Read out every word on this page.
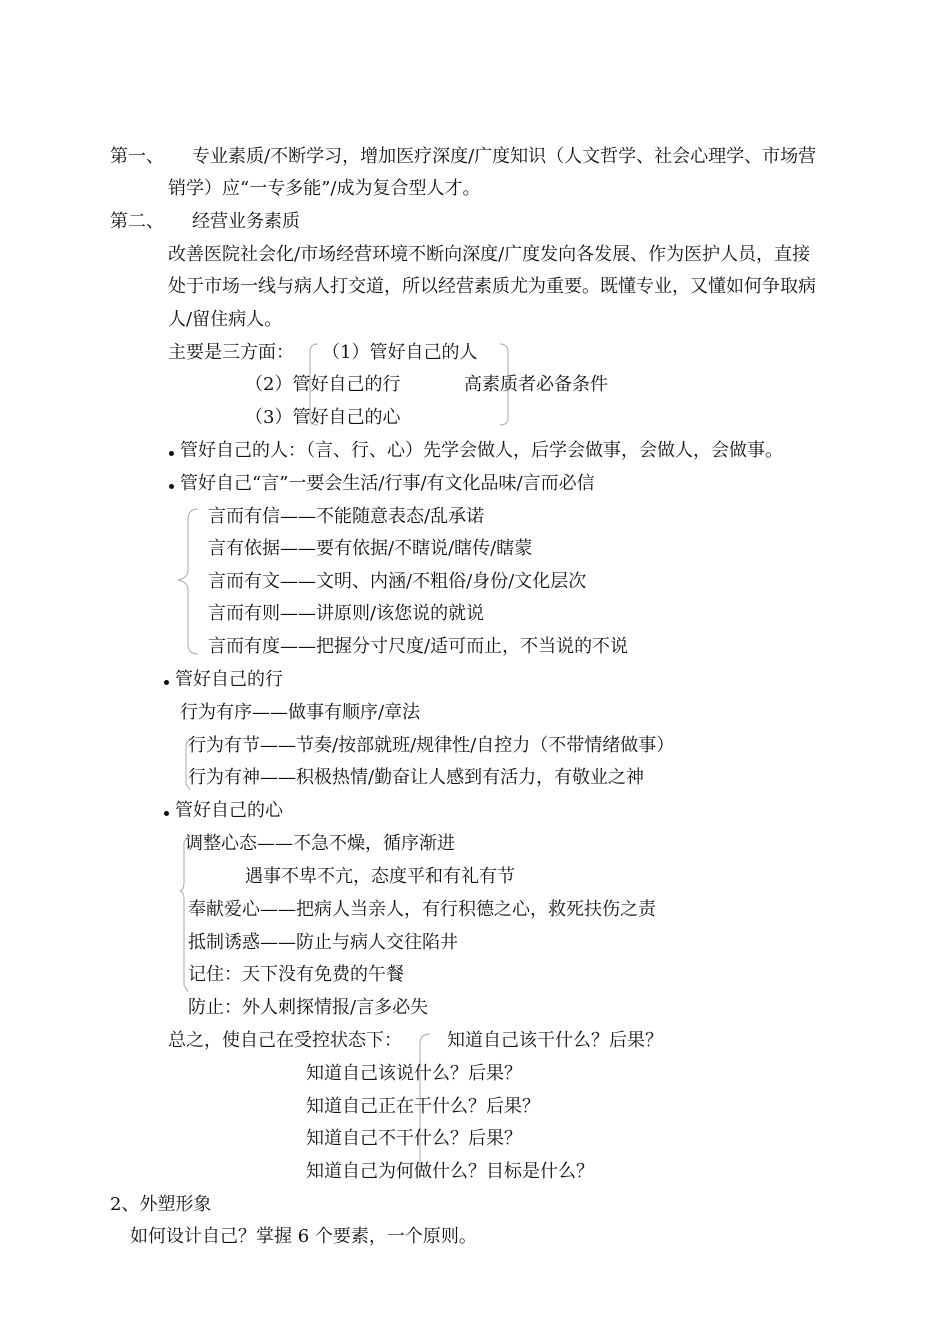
第一、 专业素质/不断学习，增加医疗深度/广度知识（人文哲学、社会心理学、市场营
销学）应“一专多能”/成为复合型人才。
第二、 经营业务素质
改善医院社会化/市场经营环境不断向深度/广度发向各发展、作为医护人员，直接
处于市场一线与病人打交道，所以经营素质尤为重要。既懂专业，又懂如何争取病
人/留住病人。
主要是三方面： （1）管好自己的人
（2）管好自己的行	高素质者必备条件
（3）管好自己的心
管好自己的人：（言、行、心）先学会做人，后学会做事，会做人，会做事。
管好自己“言”一要会生活/行事/有文化品味/言而必信
言而有信——不能随意表态/乱承诺
言有依据——要有依据/不瞎说/瞎传/瞎蒙
言而有文——文明、内涵/不粗俗/身份/文化层次
言而有则——讲原则/该您说的就说
言而有度——把握分寸尺度/适可而止，不当说的不说
管好自己的行
行为有序——做事有顺序/章法
行为有节——节奏/按部就班/规律性/自控力（不带情绪做事）
行为有神——积极热情/勤奋让人感到有活力，有敬业之神
管好自己的心
调整心态——不急不燥，循序渐进
遇事不卑不亢，态度平和有礼有节
奉献爱心——把病人当亲人，有行积德之心，救死扶伤之责
抵制诱惑——防止与病人交往陷井
记住：天下没有免费的午餐
防止：外人刺探情报/言多必失
总之，使自己在受控状态下：	知道自己该干什么？后果？
知道自己该说什么？后果？
知道自己正在干什么？后果？
知道自己不干什么？后果？
知道自己为何做什么？目标是什么？
2、外塑形象
如何设计自己？掌握 6 个要素，一个原则。
